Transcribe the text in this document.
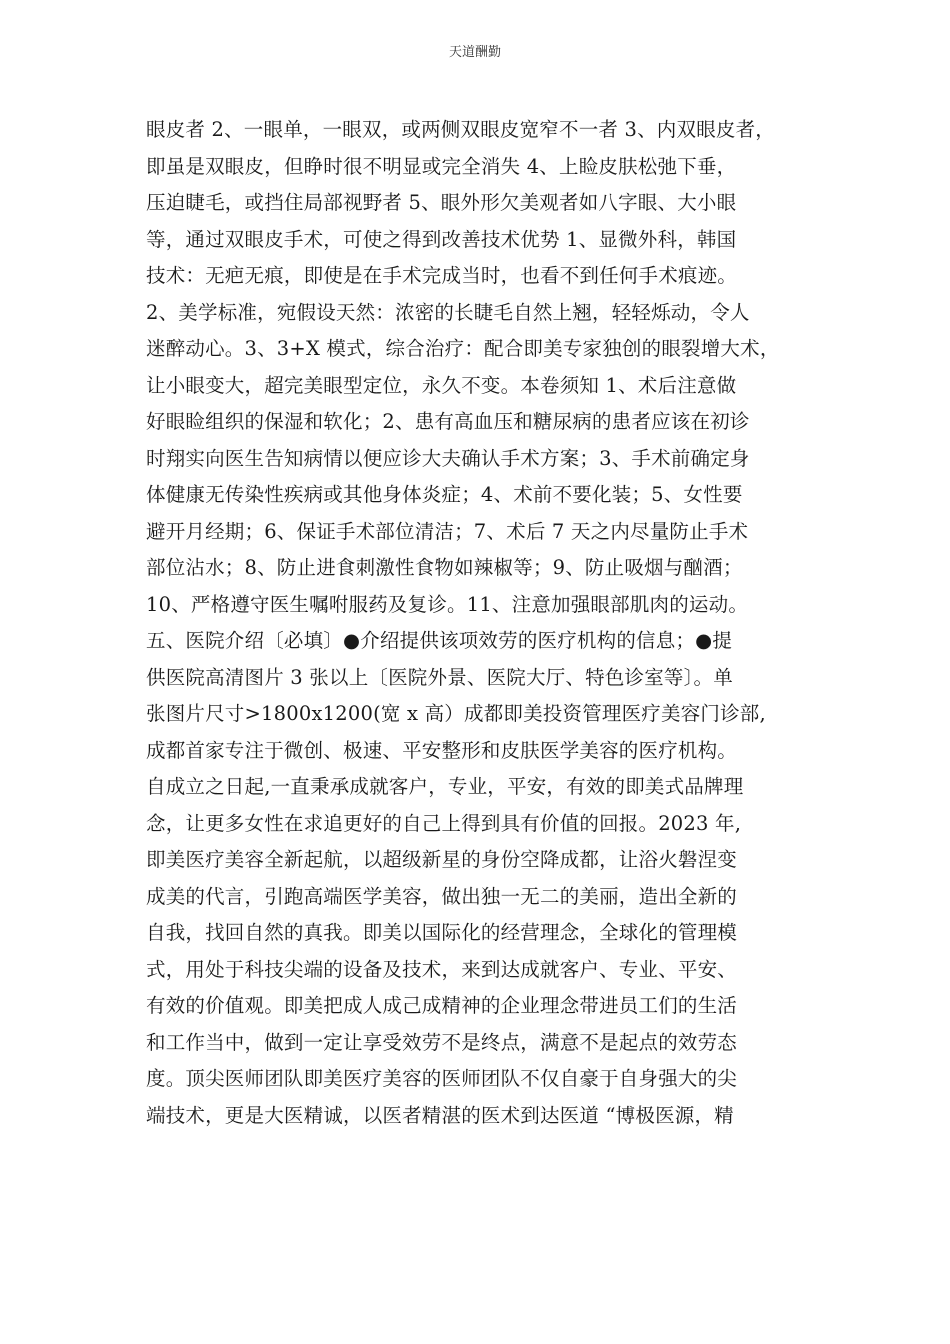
天道酬勤
眼皮者 2、一眼单，一眼双，或两侧双眼皮宽窄不一者 3、内双眼皮者，
即虽是双眼皮，但睁时很不明显或完全消失 4、上睑皮肤松弛下垂，
压迫睫毛，或挡住局部视野者 5、眼外形欠美观者如八字眼、大小眼
等，通过双眼皮手术，可使之得到改善技术优势 1、显微外科，韩国
技术：无疤无痕，即使是在手术完成当时，也看不到任何手术痕迹。
2、美学标准，宛假设天然：浓密的长睫毛自然上翘，轻轻烁动，令人
迷醉动心。3、3+X 模式，综合治疗：配合即美专家独创的眼裂增大术，
让小眼变大，超完美眼型定位，永久不变。本卷须知 1、术后注意做
好眼睑组织的保湿和软化；2、患有高血压和糖尿病的患者应该在初诊
时翔实向医生告知病情以便应诊大夫确认手术方案；3、手术前确定身
体健康无传染性疾病或其他身体炎症；4、术前不要化装；5、女性要
避开月经期；6、保证手术部位清洁；7、术后 7 天之内尽量防止手术
部位沾水；8、防止进食刺激性食物如辣椒等；9、防止吸烟与酗酒；
10、严格遵守医生嘱咐服药及复诊。11、注意加强眼部肌肉的运动。
五、医院介绍〔必填〕●介绍提供该项效劳的医疗机构的信息；●提
供医院高清图片 3 张以上〔医院外景、医院大厅、特色诊室等〕。单
张图片尺寸>1800x1200(宽 x 高）成都即美投资管理医疗美容门诊部,
成都首家专注于微创、极速、平安整形和皮肤医学美容的医疗机构。
自成立之日起,一直秉承成就客户，专业，平安，有效的即美式品牌理
念，让更多女性在求追更好的自己上得到具有价值的回报。2023 年,
即美医疗美容全新起航，以超级新星的身份空降成都，让浴火磐涅变
成美的代言，引跑高端医学美容，做出独一无二的美丽，造出全新的
自我，找回自然的真我。即美以国际化的经营理念，全球化的管理模
式，用处于科技尖端的设备及技术，来到达成就客户、专业、平安、
有效的价值观。即美把成人成己成精神的企业理念带进员工们的生活
和工作当中，做到一定让享受效劳不是终点，满意不是起点的效劳态
度。顶尖医师团队即美医疗美容的医师团队不仅自豪于自身强大的尖
端技术，更是大医精诚，以医者精湛的医术到达医道 “博极医源，精
